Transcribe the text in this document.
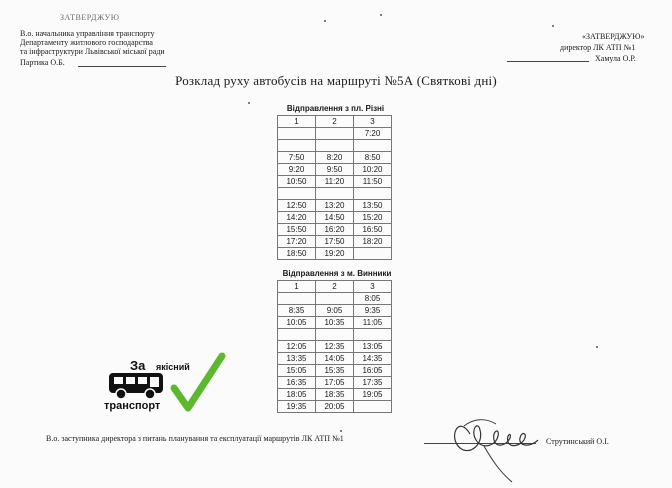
ЗАТВЕРДЖУЮ
В.о. начальника управління транспорту
Департаменту житлового господарства
та інфраструктури Львівської міської ради
Партика О.Б.
«ЗАТВЕРДЖУЮ»
директор ЛК АТП №1
Хамула О.Р.
Розклад руху автобусів на маршруті №5А (Святкові дні)
Відправлення з пл. Різні
1	2	3
		7:20

7:50	8:20	8:50
9:20	9:50	10:20
10:50	11:20	11:50

12:50	13:20	13:50
14:20	14:50	15:20
15:50	16:20	16:50
17:20	17:50	18:20
18:50	19:20	
Відправлення з м. Винники
1	2	3
		8:05
8:35	9:05	9:35
10:05	10:35	11:05

12:05	12:35	13:05
13:35	14:05	14:35
15:05	15:35	16:05
16:35	17:05	17:35
18:05	18:35	19:05
19:35	20:05	
За якісний
транспорт
В.о. заступника директора з питань планування та експлуатації маршрутів ЛК АТП №1	Струтинський О.І.
